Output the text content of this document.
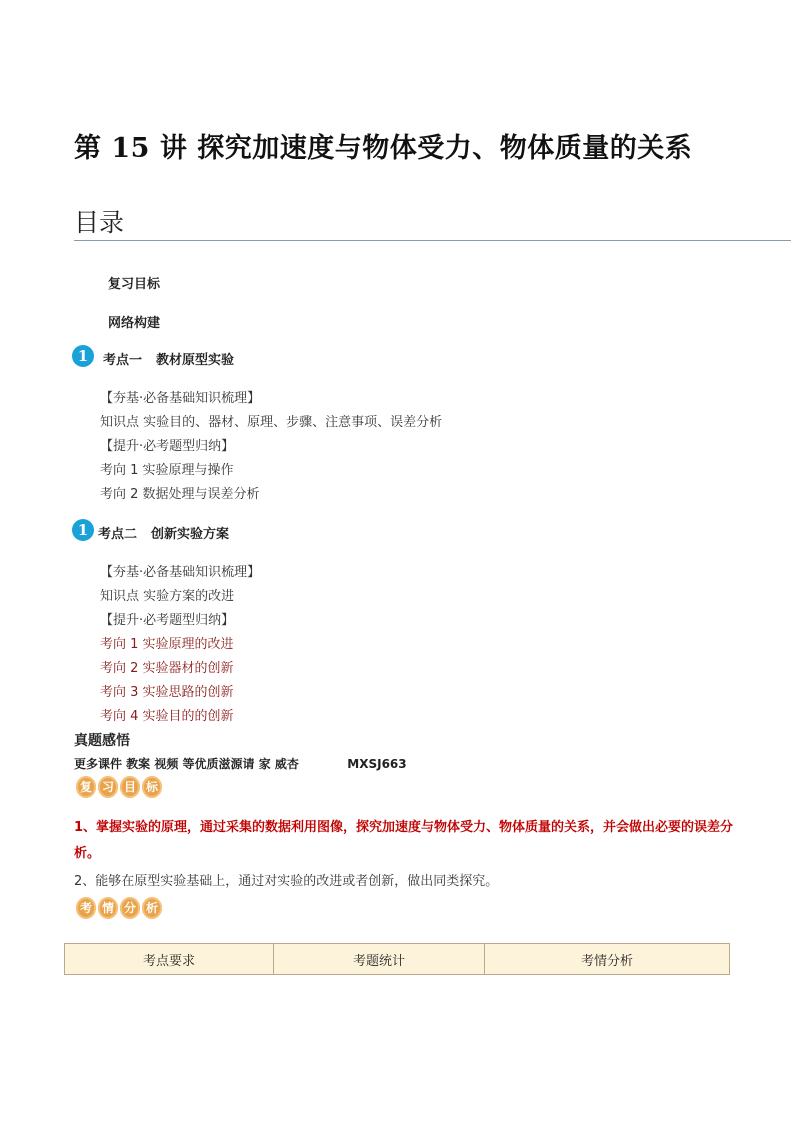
第 15 讲 探究加速度与物体受力、物体质量的关系
目录
复习目标
网络构建
1	考点一 教材原型实验
【夯基·必备基础知识梳理】
知识点 实验目的、器材、原理、步骤、注意事项、误差分析
【提升·必考题型归纳】
考向 1 实验原理与操作
考向 2 数据处理与误差分析
1 考点二 创新实验方案
【夯基·必备基础知识梳理】
知识点 实验方案的改进
【提升·必考题型归纳】
考向 1 实验原理的改进
考向 2 实验器材的创新
考向 3 实验思路的创新
考向 4 实验目的的创新
真题感悟
更多课件 教案 视频 等优质滋源请 家 威杏	MXSJ663
复 习 目 标
1、掌握实验的原理，通过采集的数据利用图像，探究加速度与物体受力、物体质量的关系，并会做出必要的误差分析。
2、能够在原型实验基础上，通过对实验的改进或者创新，做出同类探究。
考 情 分 析
考点要求	考题统计	考情分析
